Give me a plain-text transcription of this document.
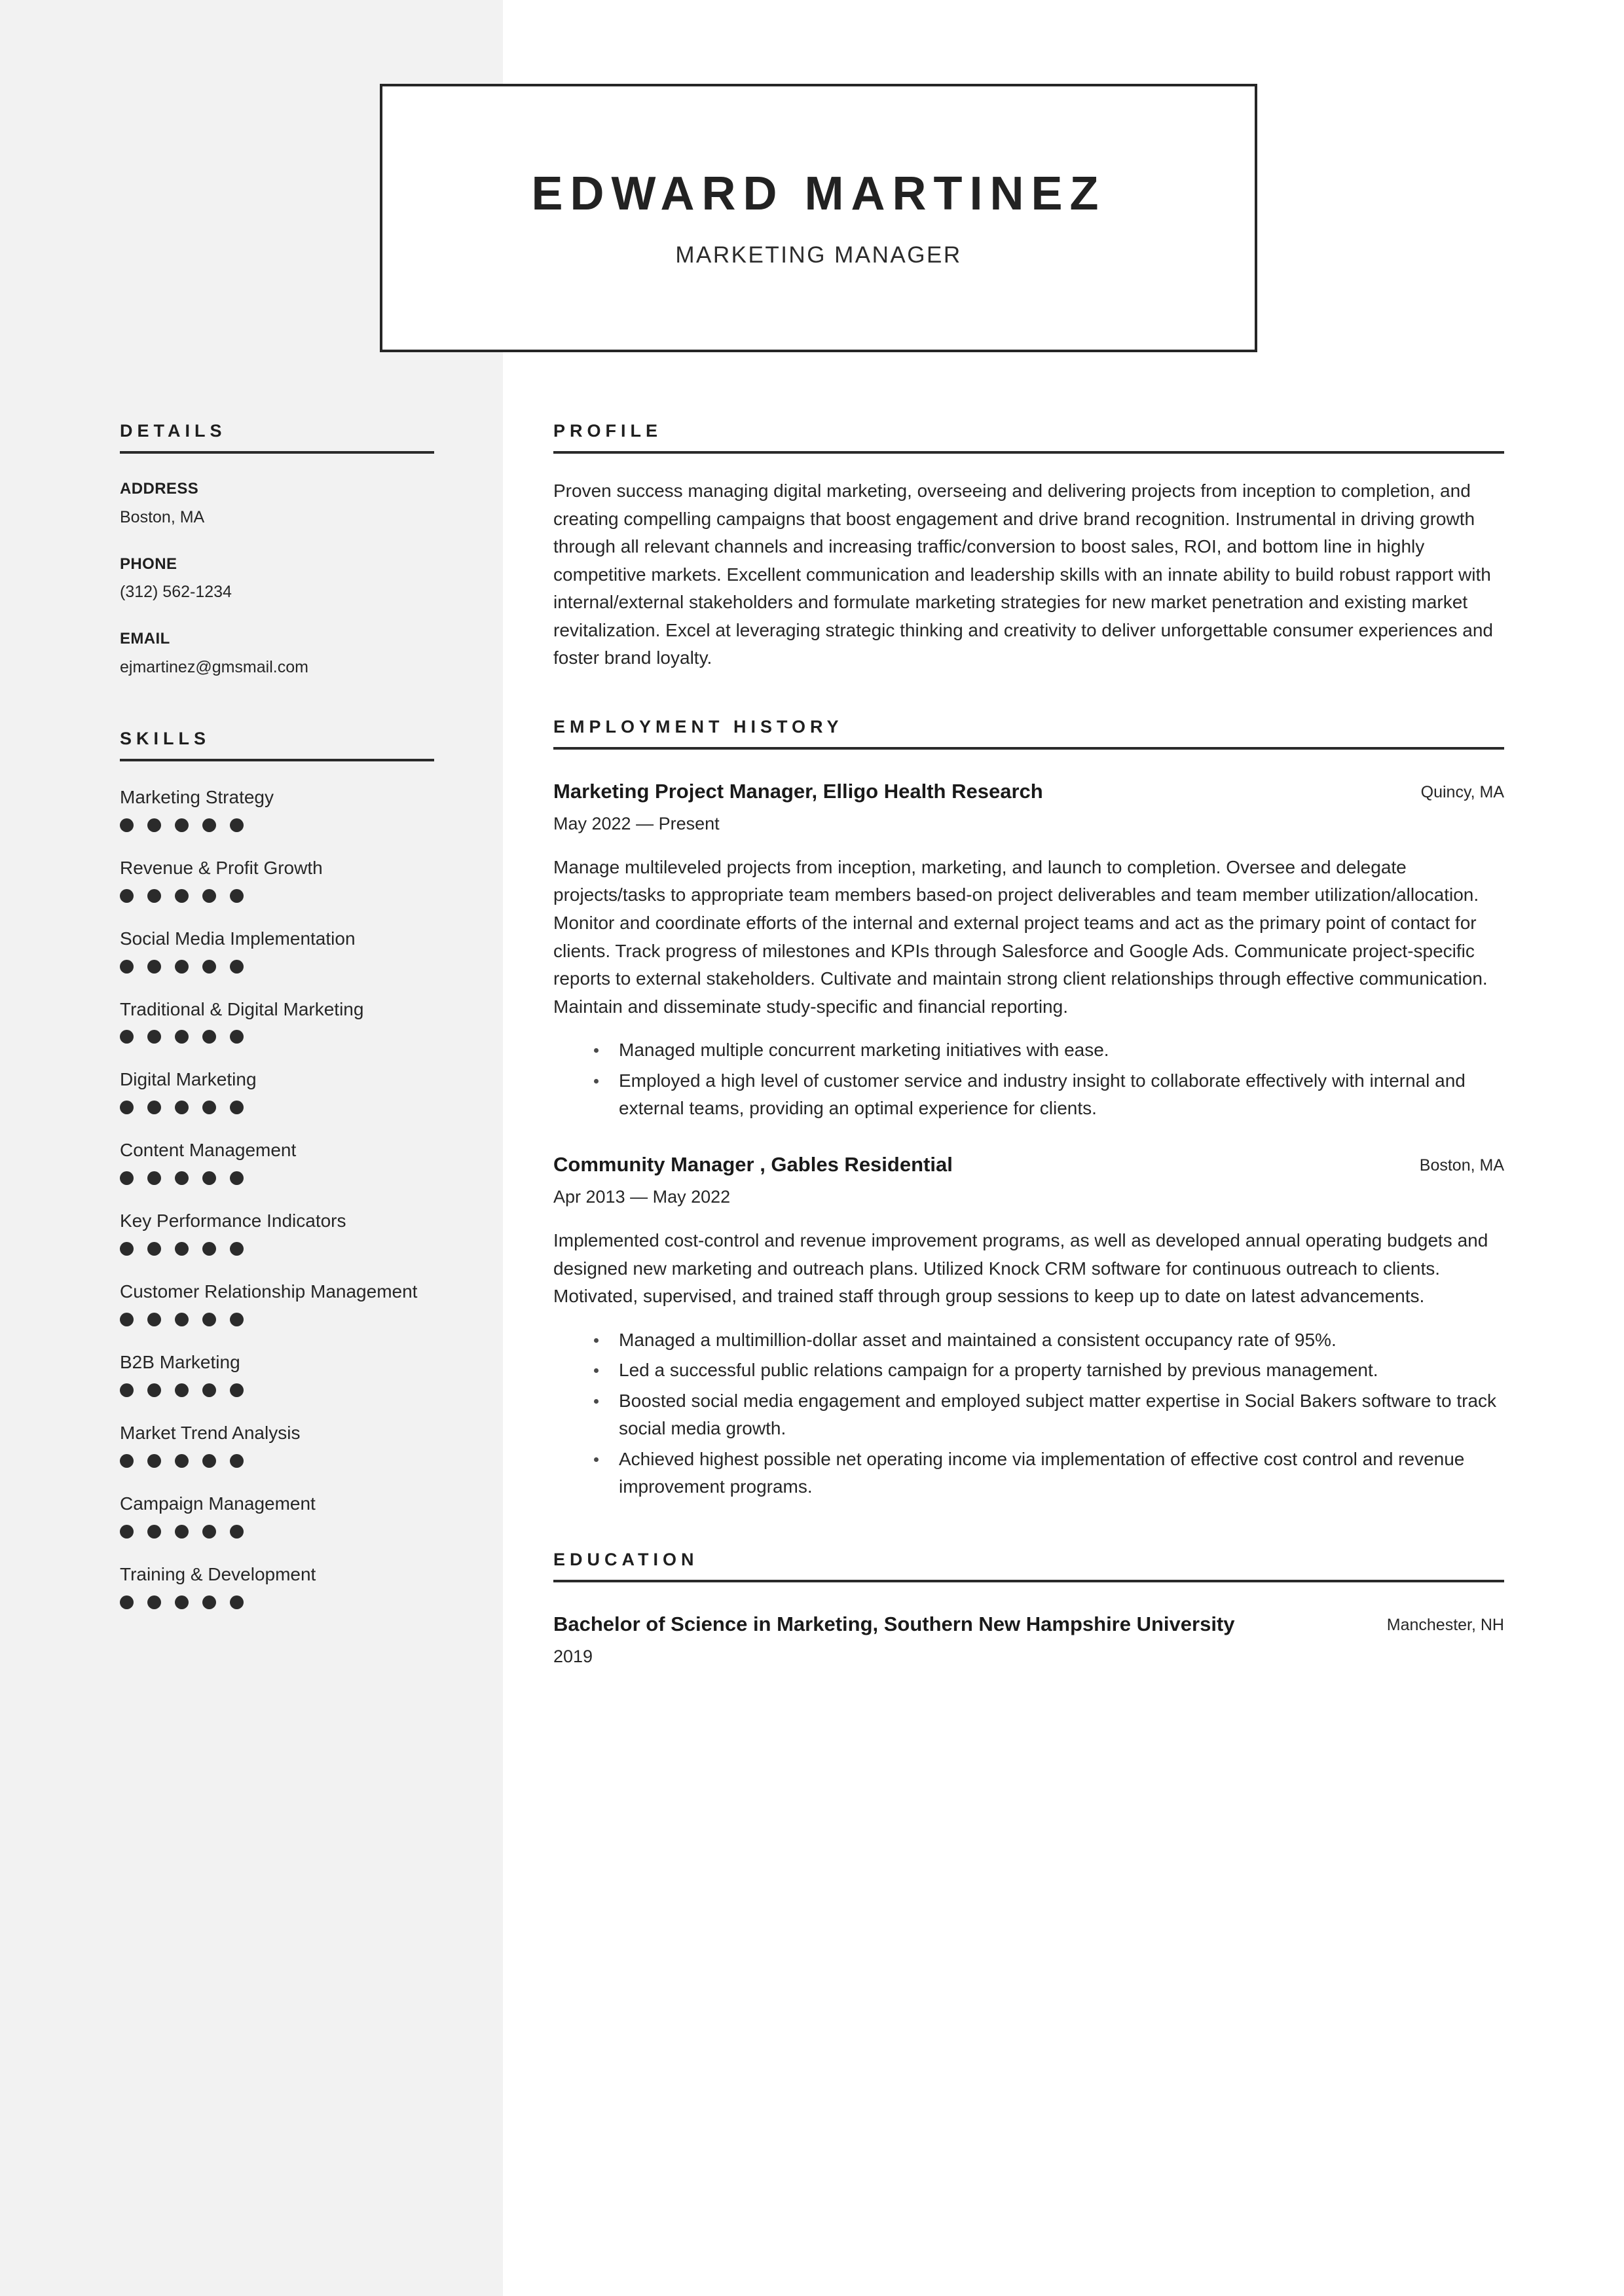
EDWARD MARTINEZ
MARKETING MANAGER
DETAILS
ADDRESS
Boston, MA
PHONE
(312) 562-1234
EMAIL
ejmartinez@gmsmail.com
SKILLS
Marketing Strategy
Revenue & Profit Growth
Social Media Implementation
Traditional & Digital Marketing
Digital Marketing
Content Management
Key Performance Indicators
Customer Relationship Management
B2B Marketing
Market Trend Analysis
Campaign Management
Training & Development
PROFILE
Proven success managing digital marketing, overseeing and delivering projects from inception to completion, and creating compelling campaigns that boost engagement and drive brand recognition. Instrumental in driving growth through all relevant channels and increasing traffic/conversion to boost sales, ROI, and bottom line in highly competitive markets. Excellent communication and leadership skills with an innate ability to build robust rapport with internal/external stakeholders and formulate marketing strategies for new market penetration and existing market revitalization. Excel at leveraging strategic thinking and creativity to deliver unforgettable consumer experiences and foster brand loyalty.
EMPLOYMENT HISTORY
Marketing Project Manager, Elligo Health Research	Quincy, MA
May 2022 — Present
Manage multileveled projects from inception, marketing, and launch to completion. Oversee and delegate projects/tasks to appropriate team members based-on project deliverables and team member utilization/allocation. Monitor and coordinate efforts of the internal and external project teams and act as the primary point of contact for clients. Track progress of milestones and KPIs through Salesforce and Google Ads. Communicate project-specific reports to external stakeholders. Cultivate and maintain strong client relationships through effective communication. Maintain and disseminate study-specific and financial reporting.
Managed multiple concurrent marketing initiatives with ease.
Employed a high level of customer service and industry insight to collaborate effectively with internal and external teams, providing an optimal experience for clients.
Community Manager , Gables Residential	Boston, MA
Apr 2013 — May 2022
Implemented cost-control and revenue improvement programs, as well as developed annual operating budgets and designed new marketing and outreach plans. Utilized Knock CRM software for continuous outreach to clients. Motivated, supervised, and trained staff through group sessions to keep up to date on latest advancements.
Managed a multimillion-dollar asset and maintained a consistent occupancy rate of 95%.
Led a successful public relations campaign for a property tarnished by previous management.
Boosted social media engagement and employed subject matter expertise in Social Bakers software to track social media growth.
Achieved highest possible net operating income via implementation of effective cost control and revenue improvement programs.
EDUCATION
Bachelor of Science in Marketing, Southern New Hampshire University	Manchester, NH
2019
